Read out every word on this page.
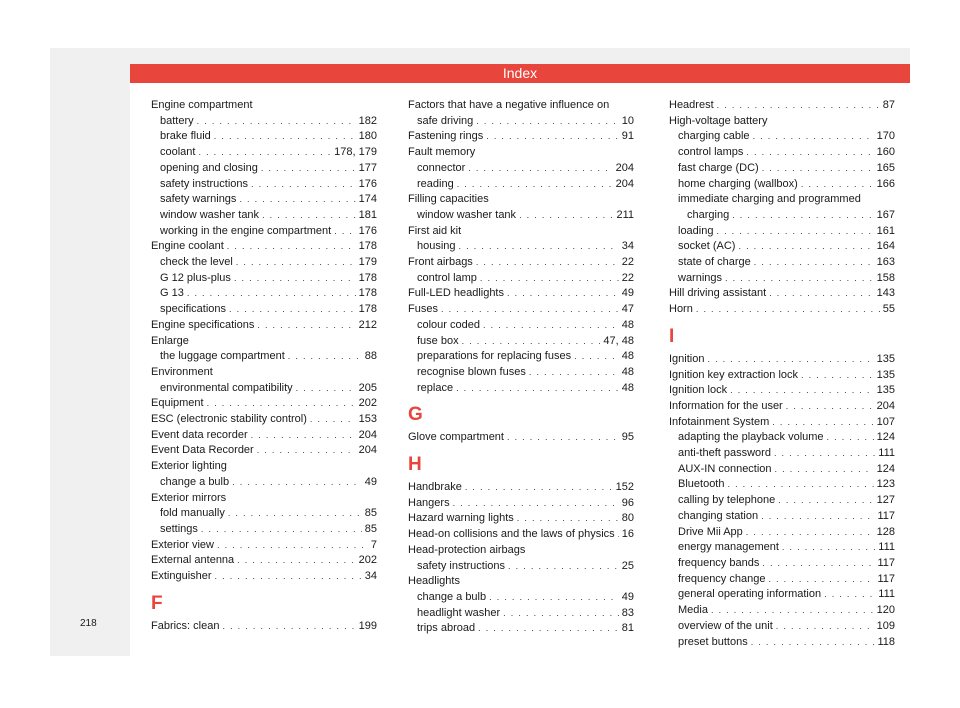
Index
Engine compartment
battery . . .	182
brake fluid . . .	180
coolant . . .	178, 179
opening and closing . . .	177
safety instructions . . .	176
safety warnings . . .	174
window washer tank . . .	181
working in the engine compartment . . . 176
Engine coolant . . .	178
check the level . . .	179
G 12 plus-plus . . .	178
G 13 . . .	178
specifications . . .	178
Engine specifications . . .	212
Enlarge
the luggage compartment . . .	88
Environment
environmental compatibility . . .	205
Equipment . . .	202
ESC (electronic stability control) . . .	153
Event data recorder . . .	204
Event Data Recorder . . .	204
Exterior lighting
change a bulb . . .	49
Exterior mirrors
fold manually . . .	85
settings . . .	85
Exterior view . . .	7
External antenna . . .	202
Extinguisher . . .	34
F
Fabrics: clean . . .	199
Factors that have a negative influence on
safe driving . . .	10
Fastening rings . . .	91
Fault memory
connector . . .	204
reading . . .	204
Filling capacities
window washer tank . . .	211
First aid kit
housing . . .	34
Front airbags . . .	22
control lamp . . .	22
Full-LED headlights . . .	49
Fuses . . .	47
colour coded . . .	48
fuse box . . .	47, 48
preparations for replacing fuses . . .	48
recognise blown fuses . . .	48
replace . . .	48
G
Glove compartment . . .	95
H
Handbrake . . .	152
Hangers . . .	96
Hazard warning lights . . .	80
Head-on collisions and the laws of physics . . . 16
Head-protection airbags
safety instructions . . .	25
Headlights
change a bulb . . .	49
headlight washer . . .	83
trips abroad . . .	81
Headrest . . .	87
High-voltage battery
charging cable . . .	170
control lamps . . .	160
fast charge (DC) . . .	165
home charging (wallbox) . . .	166
immediate charging and programmed
charging . . .	167
loading . . .	161
socket (AC) . . .	164
state of charge . . .	163
warnings . . .	158
Hill driving assistant . . .	143
Horn . . .	55
I
Ignition . . .	135
Ignition key extraction lock . . .	135
Ignition lock . . .	135
Information for the user . . .	204
Infotainment System . . .	107
adapting the playback volume . . .	124
anti-theft password . . .	111
AUX-IN connection . . .	124
Bluetooth . . .	123
calling by telephone . . .	127
changing station . . .	117
Drive Mii App . . .	128
energy management . . .	111
frequency bands . . .	117
frequency change . . .	117
general operating information . . .	111
Media . . .	120
overview of the unit . . .	109
preset buttons . . .	118
218
